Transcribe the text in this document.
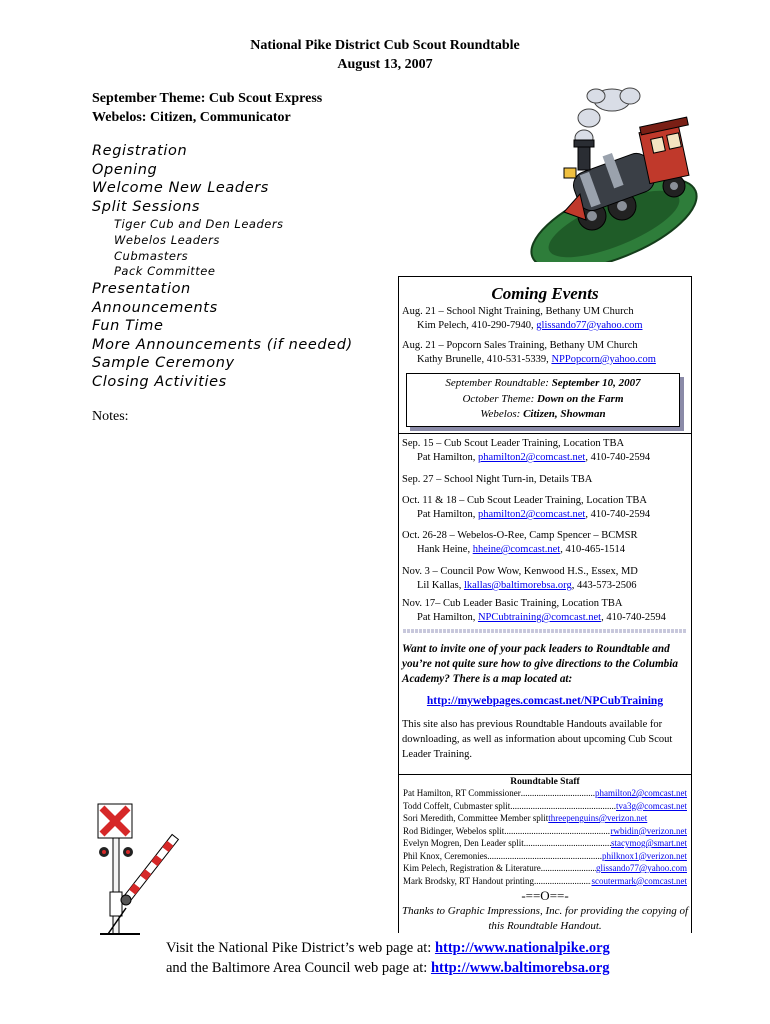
National Pike District Cub Scout Roundtable
August 13, 2007
September Theme: Cub Scout Express
Webelos: Citizen, Communicator
Registration
Opening
Welcome New Leaders
Split Sessions
Tiger Cub and Den Leaders
Webelos Leaders
Cubmasters
Pack Committee
Presentation
Announcements
Fun Time
More Announcements (if needed)
Sample Ceremony
Closing Activities
Notes:
Coming Events
Aug. 21 – School Night Training, Bethany UM Church
Kim Pelech, 410-290-7940, glissando77@yahoo.com
Aug. 21 – Popcorn Sales Training, Bethany UM Church
Kathy Brunelle, 410-531-5339, NPPopcorn@yahoo.com
September Roundtable: September 10, 2007
October Theme: Down on the Farm
Webelos: Citizen, Showman
Sep. 15 – Cub Scout Leader Training, Location TBA
Pat Hamilton, phamilton2@comcast.net, 410-740-2594
Sep. 27 – School Night Turn-in, Details TBA
Oct. 11 & 18 – Cub Scout Leader Training, Location TBA
Pat Hamilton, phamilton2@comcast.net, 410-740-2594
Oct. 26-28 – Webelos-O-Ree, Camp Spencer – BCMSR
Hank Heine, hheine@comcast.net, 410-465-1514
Nov. 3 – Council Pow Wow, Kenwood H.S., Essex, MD
Lil Kallas, lkallas@baltimorebsa.org, 443-573-2506
Nov. 17– Cub Leader Basic Training, Location TBA
Pat Hamilton, NPCubtraining@comcast.net, 410-740-2594
Want to invite one of your pack leaders to Roundtable and you’re not quite sure how to give directions to the Columbia Academy? There is a map located at:
http://mywebpages.comcast.net/NPCubTraining
This site also has previous Roundtable Handouts available for downloading, as well as information about upcoming Cub Scout Leader Training.
Roundtable Staff
Pat Hamilton, RT Commissioner .....	phamilton2@comcast.net
Todd Coffelt, Cubmaster split .....	tva3g@comcast.net
Sori Meredith, Committee Member split threepenguins@verizon.net
Rod Bidinger, Webelos split .....	rwbidin@verizon.net
Evelyn Mogren, Den Leader split .....	stacymog@smart.net
Phil Knox, Ceremonies .....	philknox1@verizon.net
Kim Pelech, Registration & Literature .....	glissando77@yahoo.com
Mark Brodsky, RT Handout printing .....	scoutermark@comcast.net
-==O==-
Thanks to Graphic Impressions, Inc. for providing the copying of this Roundtable Handout.
Visit the National Pike District’s web page at: http://www.nationalpike.org
and the Baltimore Area Council web page at: http://www.baltimorebsa.org
